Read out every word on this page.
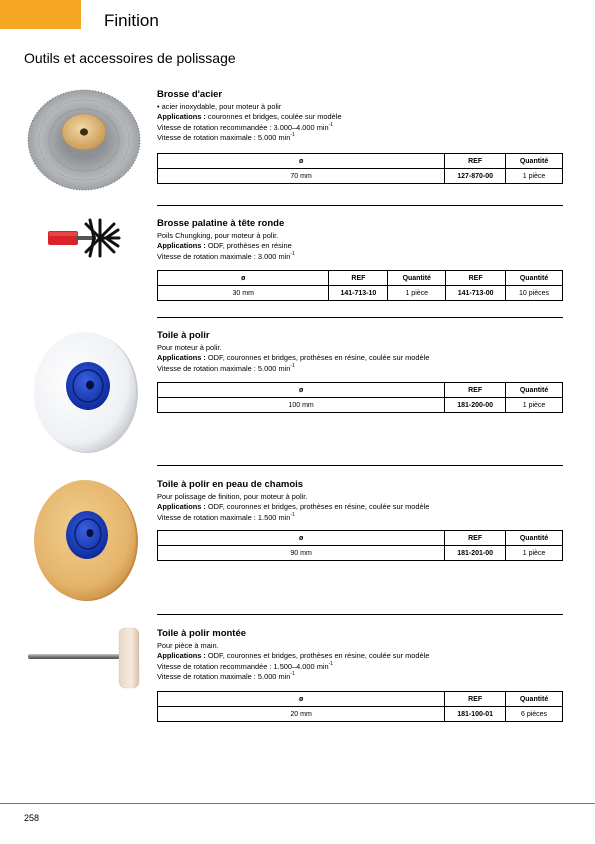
Finition
Outils et accessoires de polissage
Brosse d'acier
• acier inoxydable, pour moteur à polir
Applications : couronnes et bridges, coulée sur modèle
Vitesse de rotation recommandée : 3.000–4.000 $\min^{-1}$
Vitesse de rotation maximale : 5.000 $\min^{-1}$
ø	REF	Quantité
70 mm	127-870-00	1 pièce
Brosse palatine à tête ronde
Poils Chungking, pour moteur à polir.
Applications : ODF, prothèses en résine
Vitesse de rotation maximale : 3.000 $\min^{-1}$
ø	REF	Quantité	REF	Quantité
30 mm	141-713-10	1 pièce	141-713-00	10 pièces
Toile à polir
Pour moteur à polir.
Applications : ODF, couronnes et bridges, prothèses en résine, coulée sur modèle
Vitesse de rotation maximale : 5.000 $\min^{-1}$
ø	REF	Quantité
100 mm	181-200-00	1 pièce
Toile à polir en peau de chamois
Pour polissage de finition, pour moteur à polir.
Applications : ODF, couronnes et bridges, prothèses en résine, coulée sur modèle
Vitesse de rotation maximale : 1.500 $\min^{-1}$
ø	REF	Quantité
90 mm	181-201-00	1 pièce
Toile à polir montée
Pour pièce à main.
Applications : ODF, couronnes et bridges, prothèses en résine, coulée sur modèle
Vitesse de rotation recommandée : 1.500–4.000 $\min^{-1}$
Vitesse de rotation maximale : 5.000 $\min^{-1}$
ø	REF	Quantité
20 mm	181-100-01	6 pièces
258
